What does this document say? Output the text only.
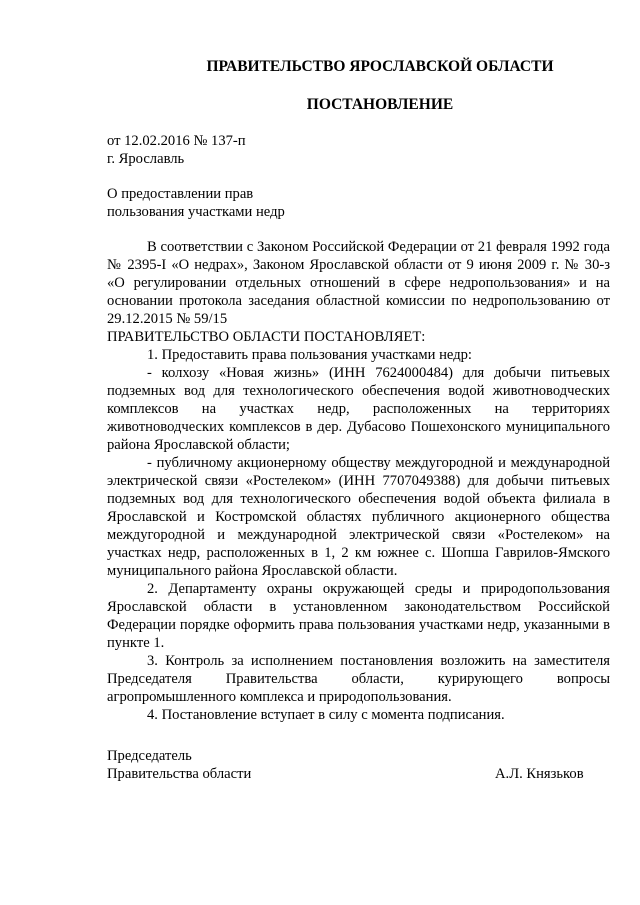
ПРАВИТЕЛЬСТВО ЯРОСЛАВСКОЙ ОБЛАСТИ
ПОСТАНОВЛЕНИЕ
от 12.02.2016 № 137-п
г. Ярославль
О предоставлении прав
пользования участками недр

В соответствии с Законом Российской Федерации от 21 февраля 1992 года № 2395-I «О недрах», Законом Ярославской области от 9 июня 2009 г. № 30-з «О регулировании отдельных отношений в сфере недропользования» и на основании протокола заседания областной комиссии по недропользованию от 29.12.2015 № 59/15

ПРАВИТЕЛЬСТВО ОБЛАСТИ ПОСТАНОВЛЯЕТ:

1. Предоставить права пользования участками недр:

- колхозу «Новая жизнь» (ИНН 7624000484) для добычи питьевых подземных вод для технологического обеспечения водой животноводческих комплексов на участках недр, расположенных на территориях животноводческих комплексов в дер. Дубасово Пошехонского муниципального района Ярославской области;

- публичному акционерному обществу междугородной и международной электрической связи «Ростелеком» (ИНН 7707049388) для добычи питьевых подземных вод для технологического обеспечения водой объекта филиала в Ярославской и Костромской областях публичного акционерного общества междугородной и международной электрической связи «Ростелеком» на участках недр, расположенных в 1, 2 км южнее с. Шопша Гаврилов-Ямского муниципального района Ярославской области.

2. Департаменту охраны окружающей среды и природопользования Ярославской области в установленном законодательством Российской Федерации порядке оформить права пользования участками недр, указанными в пункте 1.

3. Контроль за исполнением постановления возложить на заместителя Председателя Правительства области, курирующего вопросы агропромышленного комплекса и природопользования.

4. Постановление вступает в силу с момента подписания.

Председатель
Правительства области	А.Л. Князьков
